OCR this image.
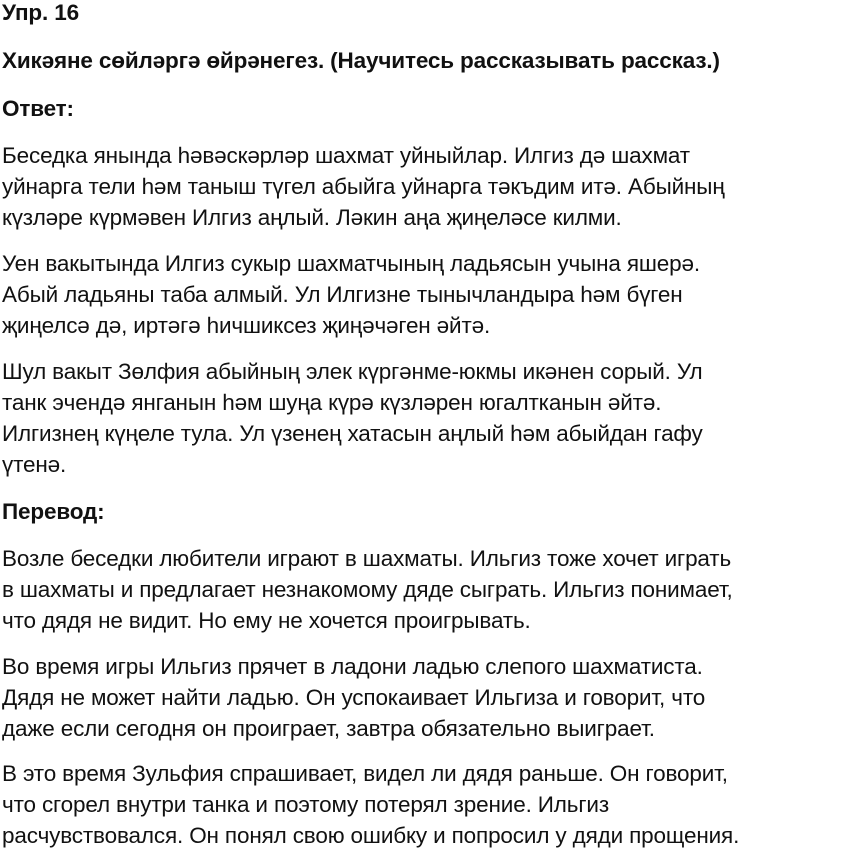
Упр. 16
Хикәяне сөйләргә өйрәнегез. (Научитесь рассказывать рассказ.)
Ответ:

Беседка янында һәвәскәрләр шахмат уйныйлар. Илгиз дә шахмат
уйнарга тели һәм таныш түгел абыйга уйнарга тәкъдим итә. Абыйның
күзләре күрмәвен Илгиз аңлый. Ләкин аңа җиңеләсе килми.

Уен вакытында Илгиз сукыр шахматчының ладьясын учына яшерә.
Абый ладьяны таба алмый. Ул Илгизне тынычландыра һәм бүген
җиңелсә дә, иртәгә һичшиксез җиңәчәген әйтә.

Шул вакыт Зөлфия абыйның элек күргәнме-юкмы икәнен сорый. Ул
танк эчендә янганын һәм шуңа күрә күзләрен югалтканын әйтә.
Илгизнең күңеле тула. Ул үзенең хатасын аңлый һәм абыйдан гафу
үтенә.

Перевод:

Возле беседки любители играют в шахматы. Ильгиз тоже хочет играть
в шахматы и предлагает незнакомому дяде сыграть. Ильгиз понимает,
что дядя не видит. Но ему не хочется проигрывать.

Во время игры Ильгиз прячет в ладони ладью слепого шахматиста.
Дядя не может найти ладью. Он успокаивает Ильгиза и говорит, что
даже если сегодня он проиграет, завтра обязательно выиграет.

В это время Зульфия спрашивает, видел ли дядя раньше. Он говорит,
что сгорел внутри танка и поэтому потерял зрение. Ильгиз
расчувствовался. Он понял свою ошибку и попросил у дяди прощения.
